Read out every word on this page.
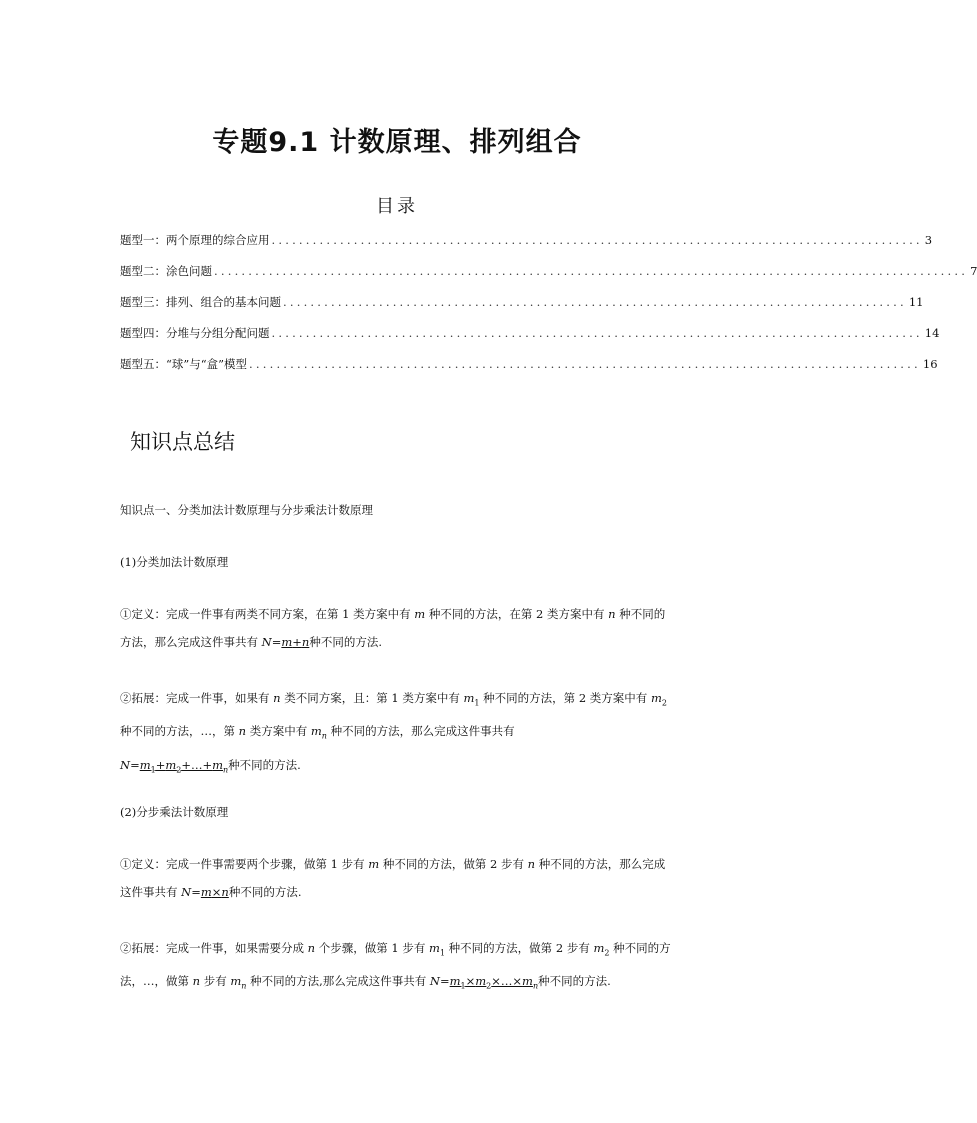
专题9.1 计数原理、排列组合
目录
题型一： 两个原理的综合应用 ............................................................................................... 3
题型二： 涂色问题 .............................................................................................................. 7
题型三： 排列、组合的基本问题 ........................................................................................... 11
题型四： 分堆与分组分配问题 ............................................................................................... 14
题型五： “球”与“盒”模型 .................................................................................................. 16
知识点总结
知识点一、分类加法计数原理与分步乘法计数原理
(1)分类加法计数原理
①定义：完成一件事有两类不同方案，在第 1 类方案中有 m 种不同的方法，在第 2 类方案中有 n 种不同的方法，那么完成这件事共有 N=m+n种不同的方法.
②拓展：完成一件事，如果有 n 类不同方案，且：第 1 类方案中有 $m_1$ 种不同的方法，第 2 类方案中有 $m_2$ 种不同的方法，…，第 n 类方案中有 $m_n$ 种不同的方法，那么完成这件事共有
$N=m_1+m_2+\dots+m_n$种不同的方法.
(2)分步乘法计数原理
①定义：完成一件事需要两个步骤，做第 1 步有 m 种不同的方法，做第 2 步有 n 种不同的方法，那么完成这件事共有 N=m×n种不同的方法.
②拓展：完成一件事，如果需要分成 n 个步骤，做第 1 步有 $m_1$ 种不同的方法，做第 2 步有 $m_2$ 种不同的方法，…，做第 n 步有 $m_n$ 种不同的方法,那么完成这件事共有 $N=m_1\times m_2\times\dots\times m_n$种不同的方法.
